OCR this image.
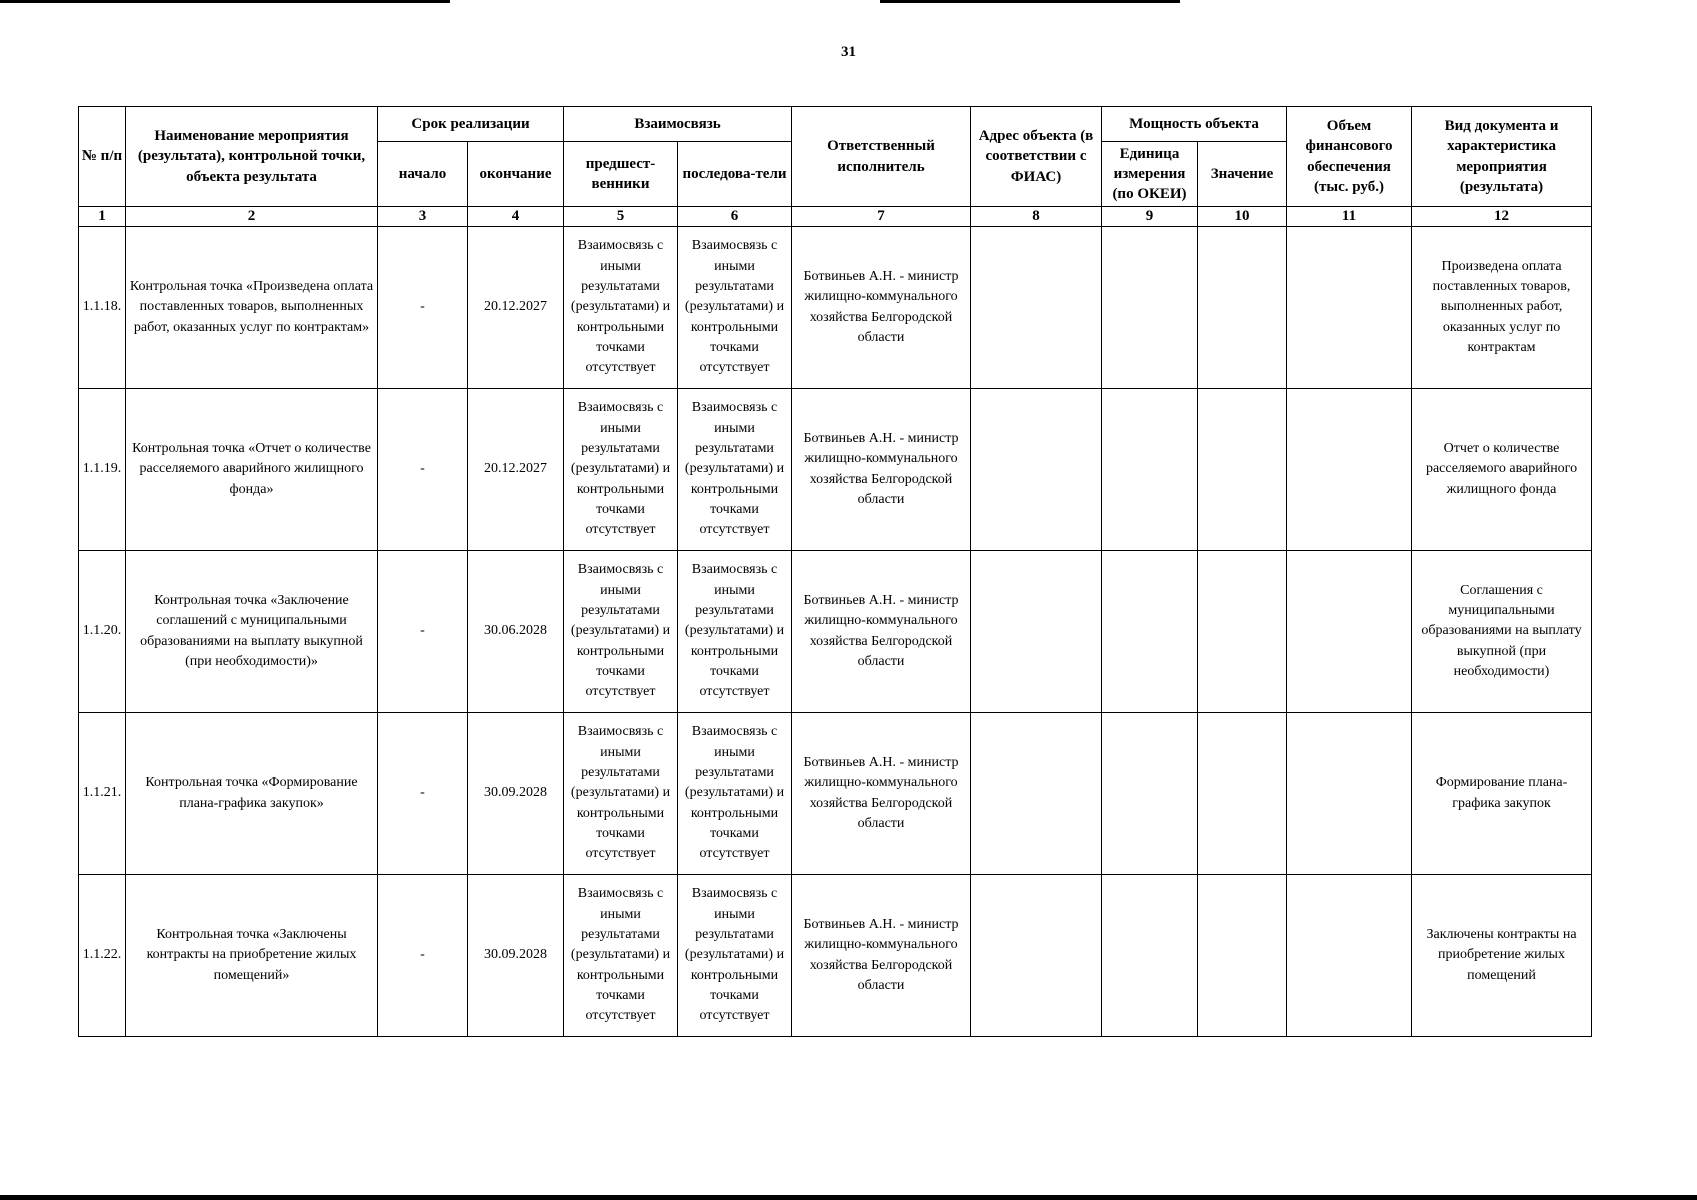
31
№ п/п	Наименование мероприятия (результата), контрольной точки, объекта результата	Срок реализации		Взаимосвязь		Ответственный исполнитель	Адрес объекта (в соответствии с ФИАС)	Мощность объекта		Объем финансового обеспечения (тыс. руб.)	Вид документа и характеристика мероприятия (результата)
		начало	окончание	предшест-венники	последова-тели			Единица измерения (по ОКЕИ)	Значение		
1	2	3	4	5	6	7	8	9	10	11	12
1.1.18.	Контрольная точка «Произведена оплата поставленных товаров, выполненных работ, оказанных услуг по контрактам»	-	20.12.2027	Взаимосвязь с иными результатами (результатами) и контрольными точками отсутствует	Взаимосвязь с иными результатами (результатами) и контрольными точками отсутствует	Ботвиньев А.Н. - министр жилищно-коммунального хозяйства Белгородской области					Произведена оплата поставленных товаров, выполненных работ, оказанных услуг по контрактам
1.1.19.	Контрольная точка «Отчет о количестве расселяемого аварийного жилищного фонда»	-	20.12.2027	Взаимосвязь с иными результатами (результатами) и контрольными точками отсутствует	Взаимосвязь с иными результатами (результатами) и контрольными точками отсутствует	Ботвиньев А.Н. - министр жилищно-коммунального хозяйства Белгородской области					Отчет о количестве расселяемого аварийного жилищного фонда
1.1.20.	Контрольная точка «Заключение соглашений с муниципальными образованиями на выплату выкупной (при необходимости)»	-	30.06.2028	Взаимосвязь с иными результатами (результатами) и контрольными точками отсутствует	Взаимосвязь с иными результатами (результатами) и контрольными точками отсутствует	Ботвиньев А.Н. - министр жилищно-коммунального хозяйства Белгородской области					Соглашения с муниципальными образованиями на выплату выкупной (при необходимости)
1.1.21.	Контрольная точка «Формирование плана-графика закупок»	-	30.09.2028	Взаимосвязь с иными результатами (результатами) и контрольными точками отсутствует	Взаимосвязь с иными результатами (результатами) и контрольными точками отсутствует	Ботвиньев А.Н. - министр жилищно-коммунального хозяйства Белгородской области					Формирование плана-графика закупок
1.1.22.	Контрольная точка «Заключены контракты на приобретение жилых помещений»	-	30.09.2028	Взаимосвязь с иными результатами (результатами) и контрольными точками отсутствует	Взаимосвязь с иными результатами (результатами) и контрольными точками отсутствует	Ботвиньев А.Н. - министр жилищно-коммунального хозяйства Белгородской области					Заключены контракты на приобретение жилых помещений
